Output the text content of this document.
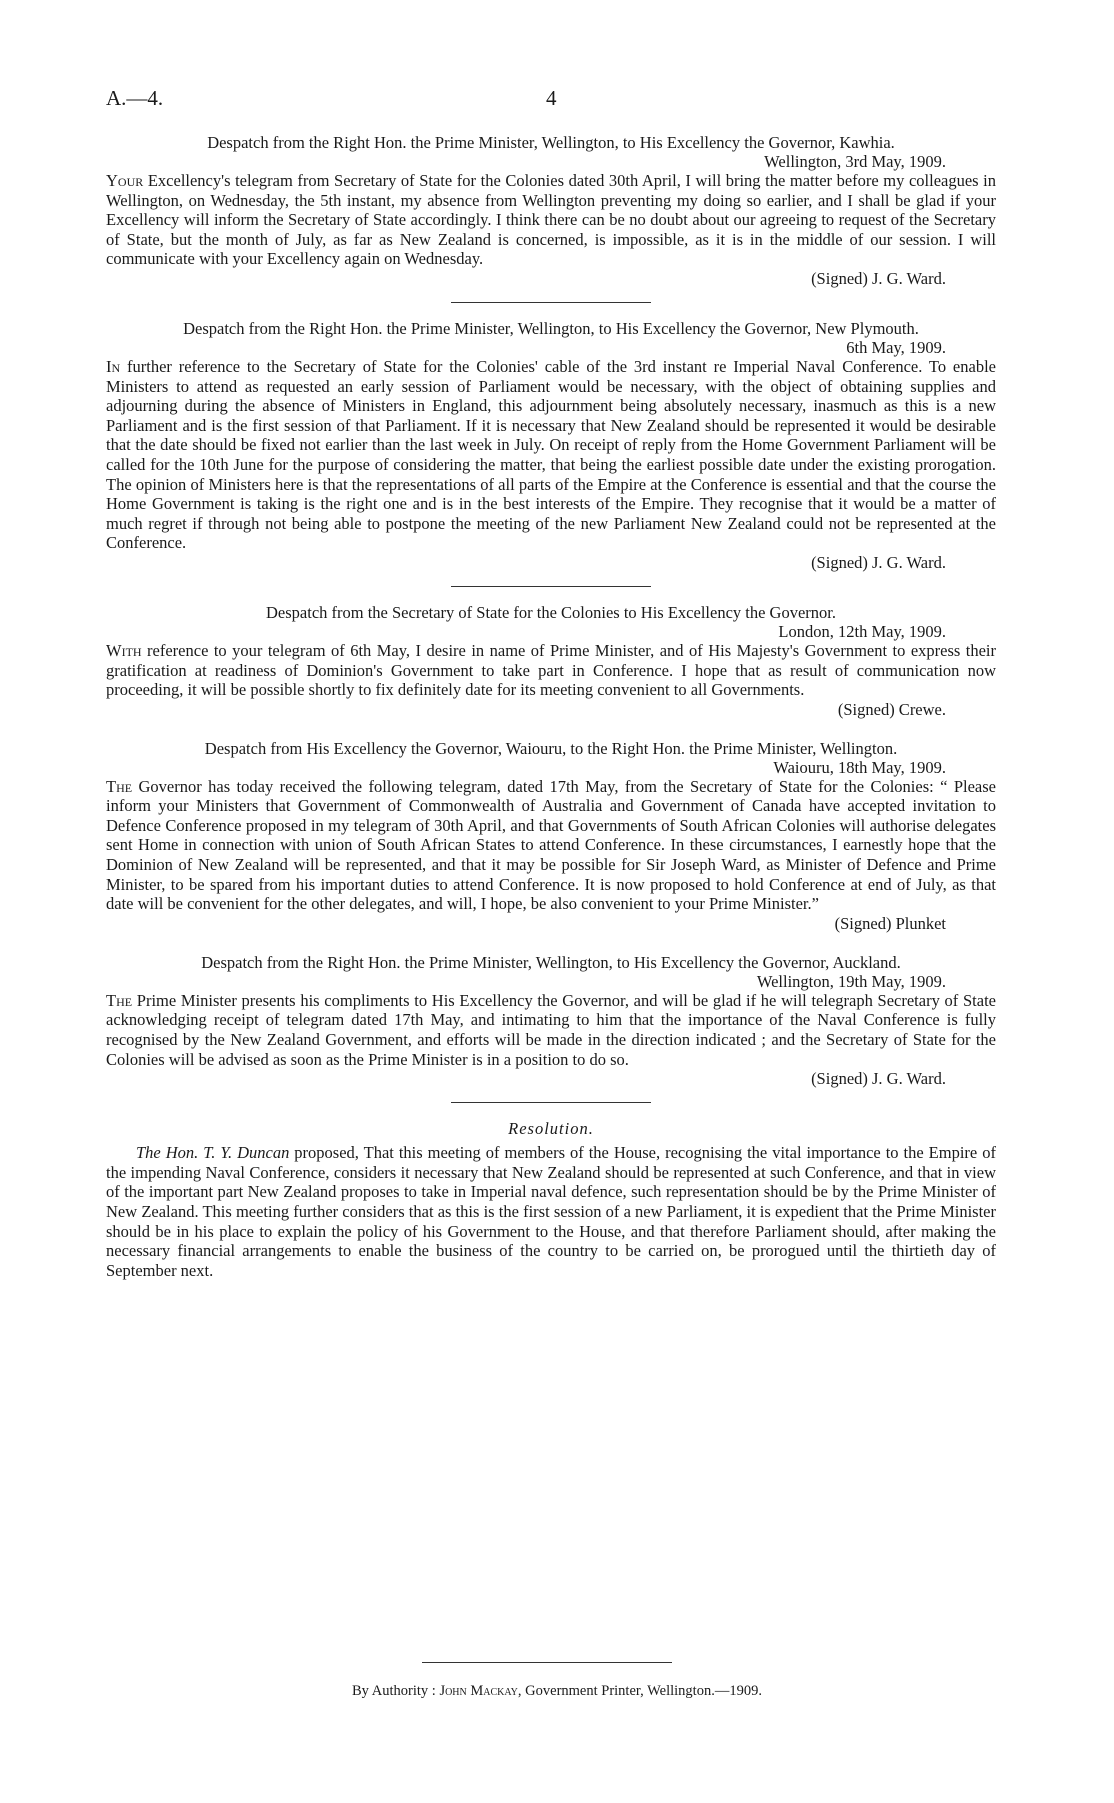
A.—4.	4

Despatch from the Right Hon. the Prime Minister, Wellington, to His Excellency the Governor, Kawhia.

Wellington, 3rd May, 1909.

Your Excellency's telegram from Secretary of State for the Colonies dated 30th April, I will bring the matter before my colleagues in Wellington, on Wednesday, the 5th instant, my absence from Wellington preventing my doing so earlier, and I shall be glad if your Excellency will inform the Secretary of State accordingly. I think there can be no doubt about our agreeing to request of the Secretary of State, but the month of July, as far as New Zealand is concerned, is impossible, as it is in the middle of our session. I will communicate with your Excellency again on Wednesday.

(Signed) J. G. Ward.

Despatch from the Right Hon. the Prime Minister, Wellington, to His Excellency the Governor, New Plymouth.

6th May, 1909.

In further reference to the Secretary of State for the Colonies' cable of the 3rd instant re Imperial Naval Conference. To enable Ministers to attend as requested an early session of Parliament would be necessary, with the object of obtaining supplies and adjourning during the absence of Ministers in England, this adjournment being absolutely necessary, inasmuch as this is a new Parliament and is the first session of that Parliament. If it is necessary that New Zealand should be represented it would be desirable that the date should be fixed not earlier than the last week in July. On receipt of reply from the Home Government Parliament will be called for the 10th June for the purpose of considering the matter, that being the earliest possible date under the existing prorogation. The opinion of Ministers here is that the representations of all parts of the Empire at the Conference is essential and that the course the Home Government is taking is the right one and is in the best interests of the Empire. They recognise that it would be a matter of much regret if through not being able to postpone the meeting of the new Parliament New Zealand could not be represented at the Conference.

(Signed) J. G. Ward.

Despatch from the Secretary of State for the Colonies to His Excellency the Governor.

London, 12th May, 1909.

With reference to your telegram of 6th May, I desire in name of Prime Minister, and of His Majesty's Government to express their gratification at readiness of Dominion's Government to take part in Conference. I hope that as result of communication now proceeding, it will be possible shortly to fix definitely date for its meeting convenient to all Governments.

(Signed) Crewe.

Despatch from His Excellency the Governor, Waiouru, to the Right Hon. the Prime Minister, Wellington.

Waiouru, 18th May, 1909.

The Governor has today received the following telegram, dated 17th May, from the Secretary of State for the Colonies: “ Please inform your Ministers that Government of Commonwealth of Australia and Government of Canada have accepted invitation to Defence Conference proposed in my telegram of 30th April, and that Governments of South African Colonies will authorise delegates sent Home in connection with union of South African States to attend Conference. In these circumstances, I earnestly hope that the Dominion of New Zealand will be represented, and that it may be possible for Sir Joseph Ward, as Minister of Defence and Prime Minister, to be spared from his important duties to attend Conference. It is now proposed to hold Conference at end of July, as that date will be convenient for the other delegates, and will, I hope, be also convenient to your Prime Minister.”

(Signed) Plunket

Despatch from the Right Hon. the Prime Minister, Wellington, to His Excellency the Governor, Auckland.

Wellington, 19th May, 1909.

The Prime Minister presents his compliments to His Excellency the Governor, and will be glad if he will telegraph Secretary of State acknowledging receipt of telegram dated 17th May, and intimating to him that the importance of the Naval Conference is fully recognised by the New Zealand Government, and efforts will be made in the direction indicated ; and the Secretary of State for the Colonies will be advised as soon as the Prime Minister is in a position to do so.

(Signed) J. G. Ward.

Resolution.

The Hon. T. Y. Duncan proposed, That this meeting of members of the House, recognising the vital importance to the Empire of the impending Naval Conference, considers it necessary that New Zealand should be represented at such Conference, and that in view of the important part New Zealand proposes to take in Imperial naval defence, such representation should be by the Prime Minister of New Zealand. This meeting further considers that as this is the first session of a new Parliament, it is expedient that the Prime Minister should be in his place to explain the policy of his Government to the House, and that therefore Parliament should, after making the necessary financial arrangements to enable the business of the country to be carried on, be prorogued until the thirtieth day of September next.

By Authority : John Mackay, Government Printer, Wellington.—1909.
